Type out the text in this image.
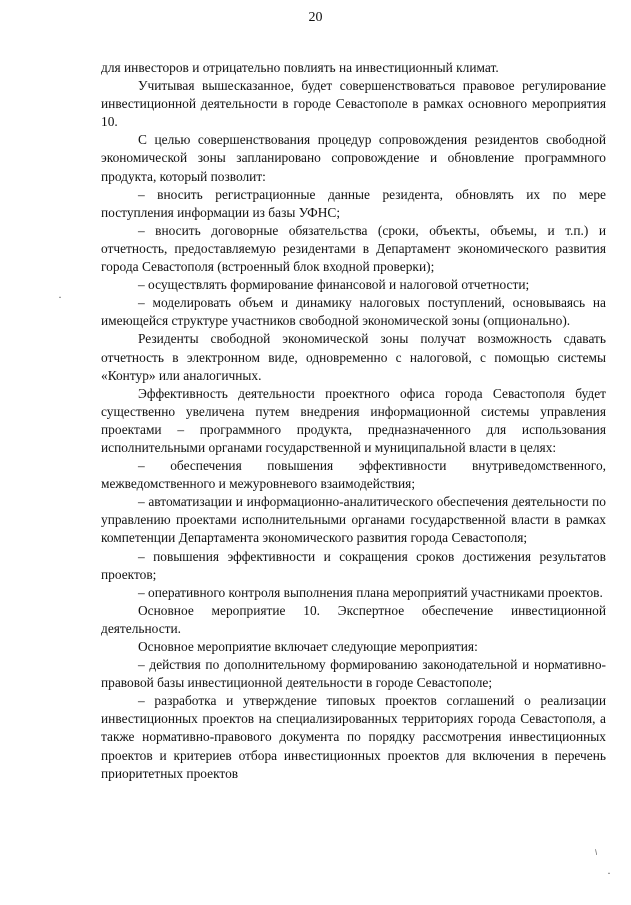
20

для инвесторов и отрицательно повлиять на инвестиционный климат.

Учитывая вышесказанное, будет совершенствоваться правовое регулирование инвестиционной деятельности в городе Севастополе в рамках основного мероприятия 10.

С целью совершенствования процедур сопровождения резидентов свободной экономической зоны запланировано сопровождение и обновление программного продукта, который позволит:

– вносить регистрационные данные резидента, обновлять их по мере поступления информации из базы УФНС;

– вносить договорные обязательства (сроки, объекты, объемы, и т.п.) и отчетность, предоставляемую резидентами в Департамент экономического развития города Севастополя (встроенный блок входной проверки);

– осуществлять формирование финансовой и налоговой отчетности;

– моделировать объем и динамику налоговых поступлений, основываясь на имеющейся структуре участников свободной экономической зоны (опционально).

Резиденты свободной экономической зоны получат возможность сдавать отчетность в электронном виде, одновременно с налоговой, с помощью системы «Контур» или аналогичных.

Эффективность деятельности проектного офиса города Севастополя будет существенно увеличена путем внедрения информационной системы управления проектами – программного продукта, предназначенного для использования исполнительными органами государственной и муниципальной власти в целях:

– обеспечения повышения эффективности внутриведомственного, межведомственного и межуровневого взаимодействия;

– автоматизации и информационно-аналитического обеспечения деятельности по управлению проектами исполнительными органами государственной власти в рамках компетенции Департамента экономического развития города Севастополя;

– повышения эффективности и сокращения сроков достижения результатов проектов;

– оперативного контроля выполнения плана мероприятий участниками проектов.

Основное мероприятие 10. Экспертное обеспечение инвестиционной деятельности.

Основное мероприятие включает следующие мероприятия:

– действия по дополнительному формированию законодательной и нормативно-правовой базы инвестиционной деятельности в городе Севастополе;

– разработка и утверждение типовых проектов соглашений о реализации инвестиционных проектов на специализированных территориях города Севастополя, а также нормативно-правового документа по порядку рассмотрения инвестиционных проектов и критериев отбора инвестиционных проектов для включения в перечень приоритетных проектов

·
⸌
·
